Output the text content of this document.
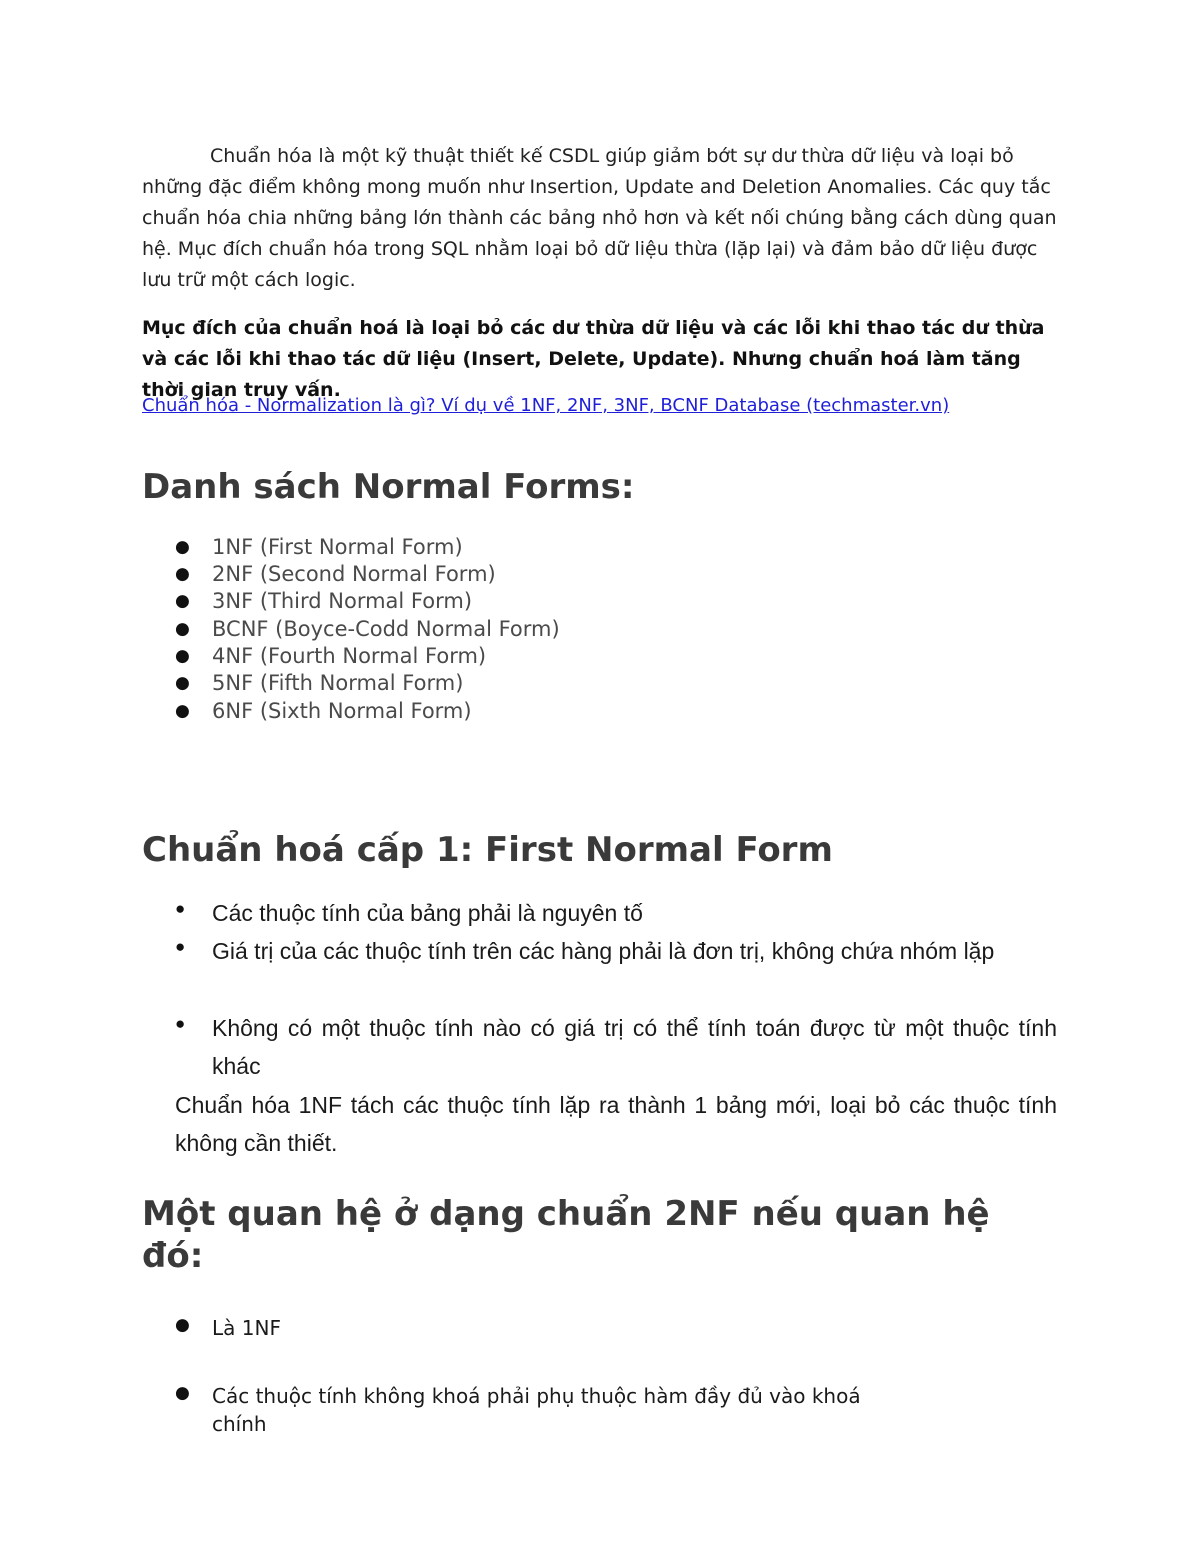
Chuẩn hóa là một kỹ thuật thiết kế CSDL giúp giảm bớt sự dư thừa dữ liệu và loại bỏ những đặc điểm không mong muốn như Insertion, Update and Deletion Anomalies. Các quy tắc chuẩn hóa chia những bảng lớn thành các bảng nhỏ hơn và kết nối chúng bằng cách dùng quan hệ. Mục đích chuẩn hóa trong SQL nhằm loại bỏ dữ liệu thừa (lặp lại) và đảm bảo dữ liệu được lưu trữ một cách logic.

Mục đích của chuẩn hoá là loại bỏ các dư thừa dữ liệu và các lỗi khi thao tác dư thừa và các lỗi khi thao tác dữ liệu (Insert, Delete, Update). Nhưng chuẩn hoá làm tăng thời gian truy vấn.

Chuẩn hóa - Normalization là gì? Ví dụ về 1NF, 2NF, 3NF, BCNF Database (techmaster.vn)
Danh sách Normal Forms:
● 1NF (First Normal Form)
● 2NF (Second Normal Form)
● 3NF (Third Normal Form)
● BCNF (Boyce-Codd Normal Form)
● 4NF (Fourth Normal Form)
● 5NF (Fifth Normal Form)
● 6NF (Sixth Normal Form)
Chuẩn hoá cấp 1: First Normal Form
● Các thuộc tính của bảng phải là nguyên tố
● Giá trị của các thuộc tính trên các hàng phải là đơn trị, không chứa nhóm lặp
● Không có một thuộc tính nào có giá trị có thể tính toán được từ một thuộc tính khác

Chuẩn hóa 1NF tách các thuộc tính lặp ra thành 1 bảng mới, loại bỏ các thuộc tính không cần thiết.

Một quan hệ ở dạng chuẩn 2NF nếu quan hệ đó:
● Là 1NF
● Các thuộc tính không khoá phải phụ thuộc hàm đầy đủ vào khoá chính
